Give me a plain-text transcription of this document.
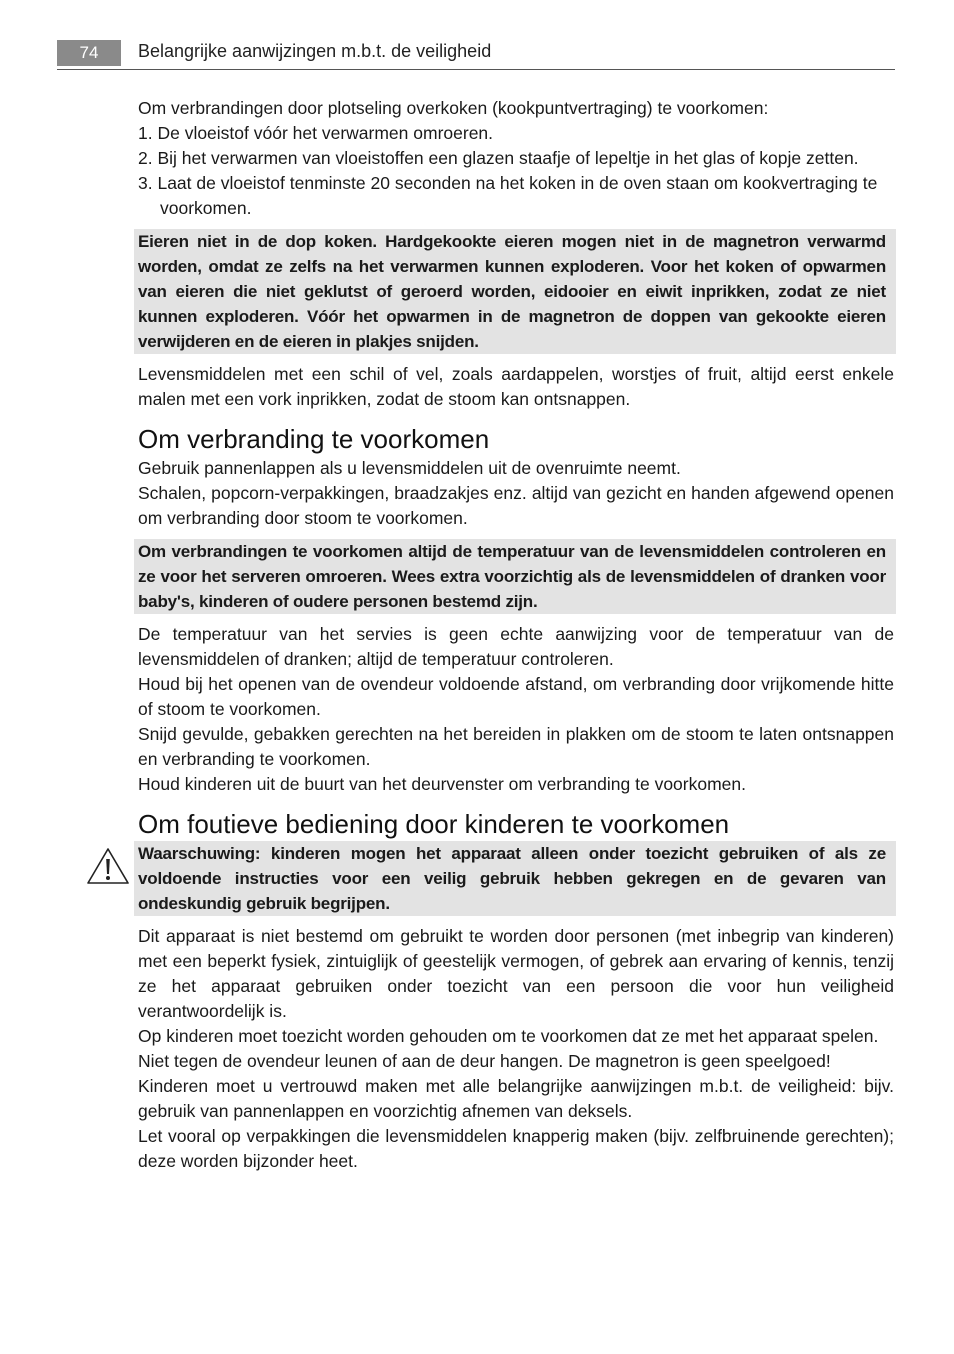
74	Belangrijke aanwijzingen m.b.t. de veiligheid

Om verbrandingen door plotseling overkoken (kookpuntvertraging) te voorkomen:

1. De vloeistof vóór het verwarmen omroeren.
2. Bij het verwarmen van vloeistoffen een glazen staafje of lepeltje in het glas of kopje zetten.
3. Laat de vloeistof tenminste 20 seconden na het koken in de oven staan om kookvertraging te voorkomen.
Eieren niet in de dop koken. Hardgekookte eieren mogen niet in de magnetron verwarmd worden, omdat ze zelfs na het verwarmen kunnen exploderen. Voor het koken of opwarmen van eieren die niet geklutst of geroerd worden, eidooier en eiwit inprikken, zodat ze niet kunnen exploderen. Vóór het opwarmen in de magnetron de doppen van gekookte eieren verwijderen en de eieren in plakjes snijden.

Levensmiddelen met een schil of vel, zoals aardappelen, worstjes of fruit, altijd eerst enkele malen met een vork inprikken, zodat de stoom kan ontsnappen.

Om verbranding te voorkomen

Gebruik pannenlappen als u levensmiddelen uit de ovenruimte neemt.

Schalen, popcorn-verpakkingen, braadzakjes enz. altijd van gezicht en handen afgewend openen om verbranding door stoom te voorkomen.

Om verbrandingen te voorkomen altijd de temperatuur van de levensmiddelen controleren en ze voor het serveren omroeren. Wees extra voorzichtig als de levensmiddelen of dranken voor baby's, kinderen of oudere personen bestemd zijn.

De temperatuur van het servies is geen echte aanwijzing voor de temperatuur van de levensmiddelen of dranken; altijd de temperatuur controleren.

Houd bij het openen van de ovendeur voldoende afstand, om verbranding door vrijkomende hitte of stoom te voorkomen.

Snijd gevulde, gebakken gerechten na het bereiden in plakken om de stoom te laten ontsnappen en verbranding te voorkomen.

Houd kinderen uit de buurt van het deurvenster om verbranding te voorkomen.

Om foutieve bediening door kinderen te voorkomen
Waarschuwing: kinderen mogen het apparaat alleen onder toezicht gebruiken of als ze voldoende instructies voor een veilig gebruik hebben gekregen en de gevaren van ondeskundig gebruik begrijpen.

Dit apparaat is niet bestemd om gebruikt te worden door personen (met inbegrip van kinderen) met een beperkt fysiek, zintuiglijk of geestelijk vermogen, of gebrek aan ervaring of kennis, tenzij ze het apparaat gebruiken onder toezicht van een persoon die voor hun veiligheid verantwoordelijk is.

Op kinderen moet toezicht worden gehouden om te voorkomen dat ze met het apparaat spelen.

Niet tegen de ovendeur leunen of aan de deur hangen. De magnetron is geen speelgoed!

Kinderen moet u vertrouwd maken met alle belangrijke aanwijzingen m.b.t. de veiligheid: bijv. gebruik van pannenlappen en voorzichtig afnemen van deksels.

Let vooral op verpakkingen die levensmiddelen knapperig maken (bijv. zelfbruinende gerechten); deze worden bijzonder heet.
